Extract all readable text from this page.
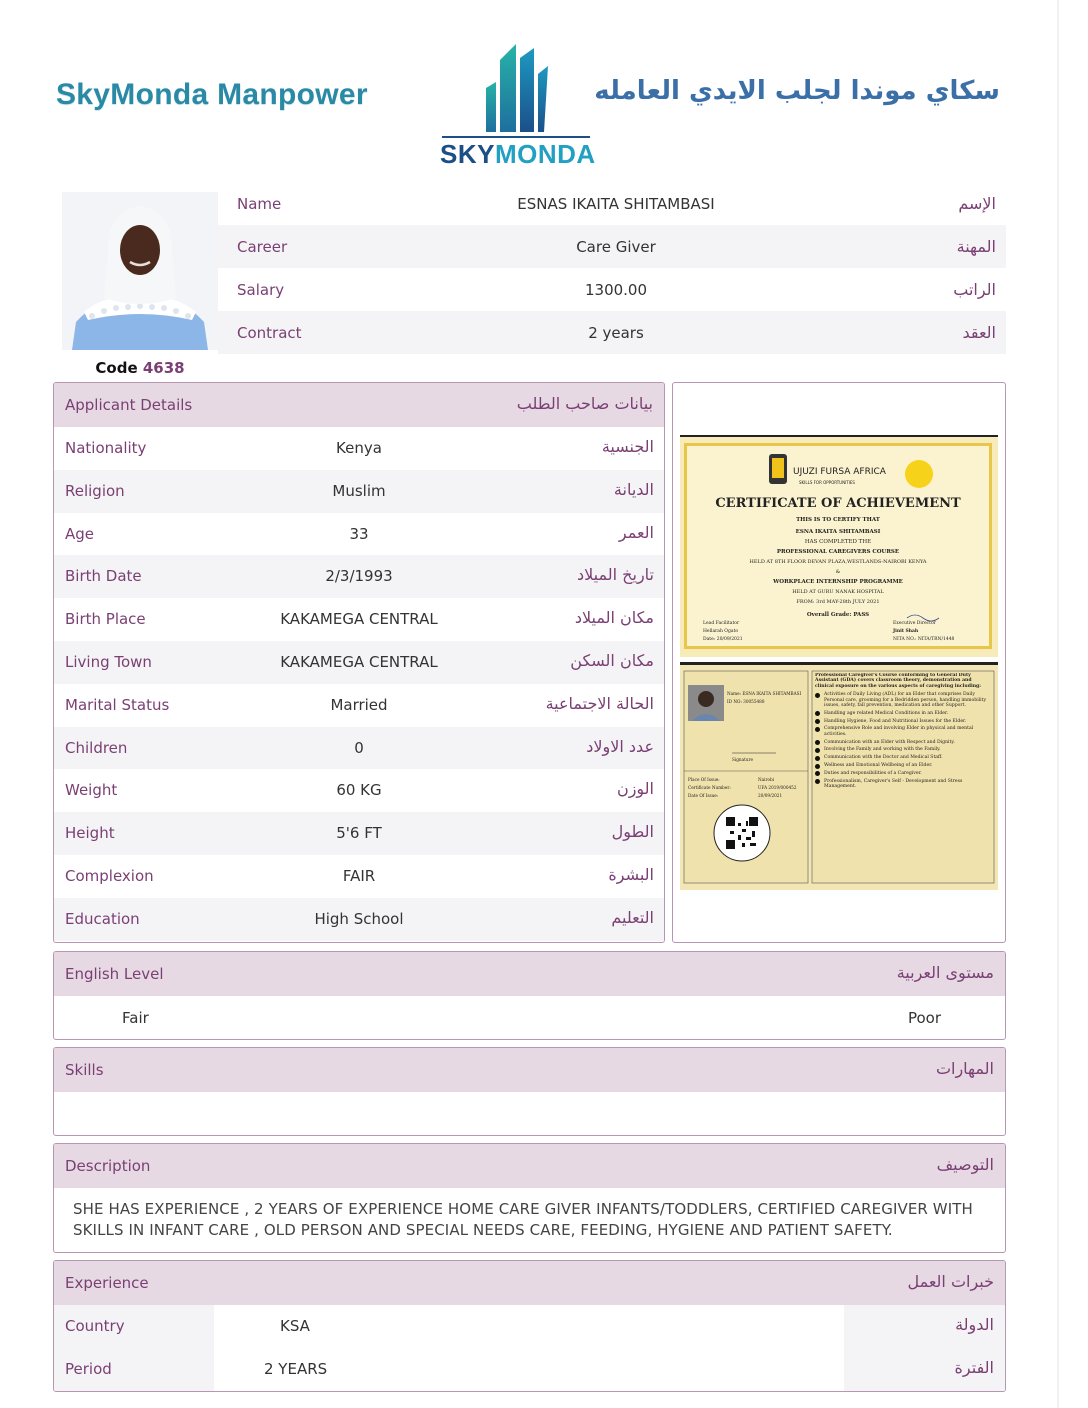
SkyMonda Manpower
SKYMONDA
سكاي موندا لجلب الايدي العامله
Code 4638
Name	ESNAS IKAITA SHITAMBASI	الإسم
Career	Care Giver	المهنة
Salary	1300.00	الراتب
Contract	2 years	العقد
Applicant Details	بيانات صاحب الطلب
Nationality	Kenya	الجنسية
Religion	Muslim	الديانة
Age	33	العمر
Birth Date	2/3/1993	تاريخ الميلاد
Birth Place	KAKAMEGA CENTRAL	مكان الميلاد
Living Town	KAKAMEGA CENTRAL	مكان السكن
Marital Status	Married	الحالة الاجتماعية
Children	0	عدد الاولاد
Weight	60 KG	الوزن
Height	5'6 FT	الطول
Complexion	FAIR	البشرة
Education	High School	التعليم
UJUZI FURSA AFRICA
SKILLS FOR OPPORTUNITIES
CERTIFICATE OF ACHIEVEMENT
THIS IS TO CERTIFY THAT
ESNA IKAITA SHITAMBASI
HAS COMPLETED THE
PROFESSIONAL CAREGIVERS COURSE
HELD AT 8TH FLOOR DEVAN PLAZA,WESTLANDS-NAIROBI KENYA
&
WORKPLACE INTERNSHIP PROGRAMME
HELD AT GURU NANAK HOSPITAL
FROM: 3rd MAY-28th JULY 2021
Overall Grade: PASS
Lead Facilitator
Hellarah Ogato
Date: 20/09/2021
Executive Director
Jinit Shah
NITA NO.: NITA/TRN/1448
Name: ESNA IKAITA SHITAMBASI
ID NO: 30055488
Signature
Place Of Issue:	Nairobi
Certificate Number:	UFA 2019/000452
Date Of Issue:	20/09/2021
Professional Caregiver's Course conforming to General Duty Assistant (GDA) covers classroom theory, demonstration and clinical exposure on the various aspects of caregiving including:
Activities of Daily Living (ADL) for an Elder that comprises Daily Personal care, grooming for a Bedridden person, handling immobility issues, safety, fall prevention, medication and other Support.
Handling age related Medical Conditions in an Elder.
Handling Hygiene, Food and Nutritional Issues for the Elder.
Comprehensive Role and involving Elder in physical and mental activities.
Communication with an Elder with Respect and Dignity.
Involving the Family and working with the Family.
Communication with the Doctor and Medical Staff.
Wellness and Emotional Wellbeing of an Elder.
Duties and responsibilities of a Caregiver.
Professionalism, Caregiver's Self - Development and Stress Management.
English Level	مستوى العربية
Fair	Poor
Skills	المهارات
Description	التوصيف
SHE HAS EXPERIENCE , 2 YEARS OF EXPERIENCE HOME CARE GIVER INFANTS/TODDLERS, CERTIFIED CAREGIVER WITH SKILLS IN INFANT CARE , OLD PERSON AND SPECIAL NEEDS CARE, FEEDING, HYGIENE AND PATIENT SAFETY.
Experience	خبرات العمل
Country	KSA	الدولة
Period	2 YEARS	الفترة
